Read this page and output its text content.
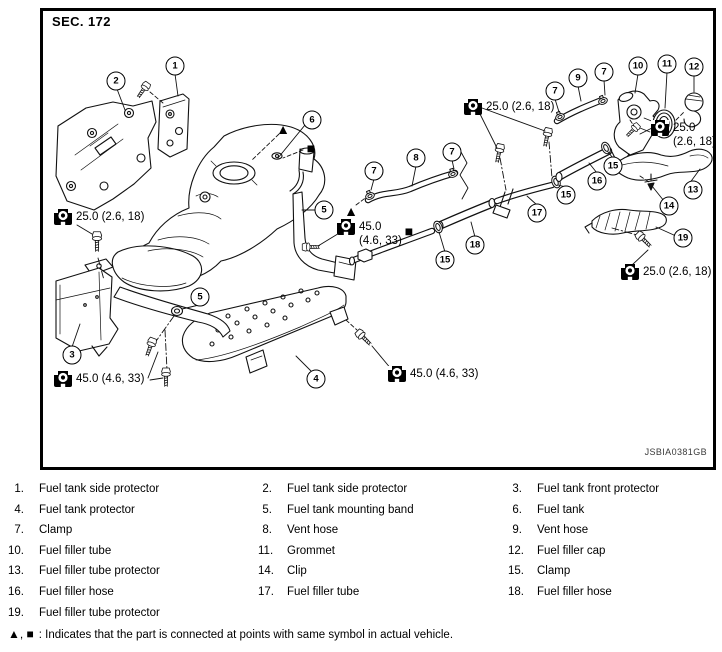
SEC. 172
JSBIA0381GB
1
2
6
5
5
3
4
7
8
7
7
9
7
10	11	12
15
16
15
17
15
18
13
14
19
▲
■
▲
■
25.0 (2.6, 18)
25.0 (2.6, 18)
25.0
(2.6, 18)
45.0
(4.6, 33)
45.0 (4.6, 33)	45.0 (4.6, 33)
25.0 (2.6, 18)
1.	Fuel tank side protector	2.	Fuel tank side protector	3.	Fuel tank front protector
4.	Fuel tank protector	5.	Fuel tank mounting band	6.	Fuel tank
7.	Clamp	8.	Vent hose	9.	Vent hose
10.	Fuel filler tube	11.	Grommet	12.	Fuel filler cap
13.	Fuel filler tube protector	14.	Clip	15.	Clamp
16.	Fuel filler hose	17.	Fuel filler tube	18.	Fuel filler hose
19.	Fuel filler tube protector
▲, ■ : Indicates that the part is connected at points with same symbol in actual vehicle.
